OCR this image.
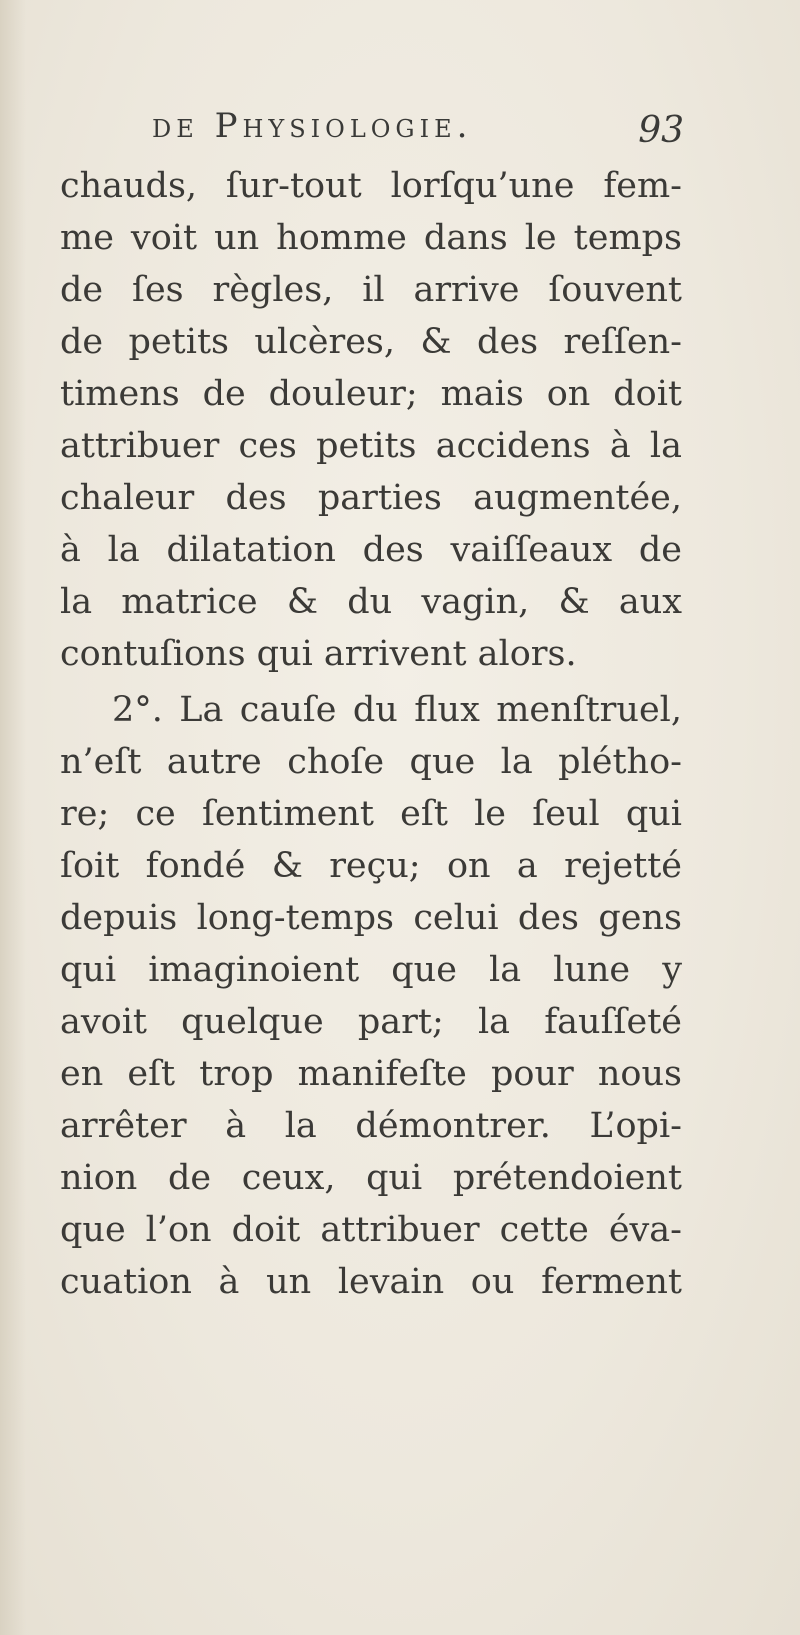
de Physiologie.	93
chauds, ſur-tout lorſqu’une fem-
me voit un homme dans le temps
de ſes règles, il arrive ſouvent
de petits ulcères, & des reſſen-
timens de douleur; mais on doit
attribuer ces petits accidens à la
chaleur des parties augmentée,
à la dilatation des vaiſſeaux de
la matrice & du vagin, & aux
contuſions qui arrivent alors.
2°. La cauſe du flux menſtruel,
n’eſt autre choſe que la plétho-
re; ce ſentiment eſt le ſeul qui
ſoit fondé & reçu; on a rejetté
depuis long-temps celui des gens
qui imaginoient que la lune y
avoit quelque part; la fauſſeté
en eſt trop manifeſte pour nous
arrêter à la démontrer. L’opi-
nion de ceux, qui prétendoient
que l’on doit attribuer cette éva-
cuation à un levain ou ferment
